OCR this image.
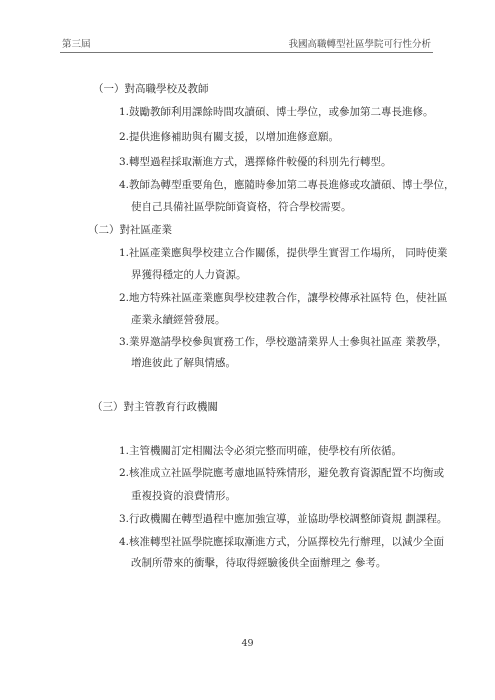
第三屆	我國高職轉型社區學院可行性分析
（一）對高職學校及教師
1.鼓勵教師利用課餘時間攻讀碩、博士學位，或參加第二專長進修。
2.提供進修補助與有關支援，以增加進修意願。
3.轉型過程採取漸進方式，選擇條件較優的科別先行轉型。
4.教師為轉型重要角色，應隨時參加第二專長進修或攻讀碩、博士學位，
使自己具備社區學院師資資格，符合學校需要。
（二）對社區產業
1.社區產業應與學校建立合作關係，提供學生實習工作場所， 同時使業
界獲得穩定的人力資源。
2.地方特殊社區產業應與學校建教合作，讓學校傳承社區特 色，使社區
產業永續經營發展。
3.業界邀請學校參與實務工作，學校邀請業界人士參與社區產 業教學，
增進彼此了解與情感。
（三）對主管教育行政機關
1.主管機關訂定相關法令必須完整而明確，使學校有所依循。
2.核准成立社區學院應考慮地區特殊情形，避免教育資源配置不均衡或
重複投資的浪費情形。
3.行政機關在轉型過程中應加強宣導，並協助學校調整師資規 劃課程。
4.核准轉型社區學院應採取漸進方式，分區擇校先行辦理，以減少全面
改制所帶來的衝擊，待取得經驗後供全面辦理之 參考。
49
